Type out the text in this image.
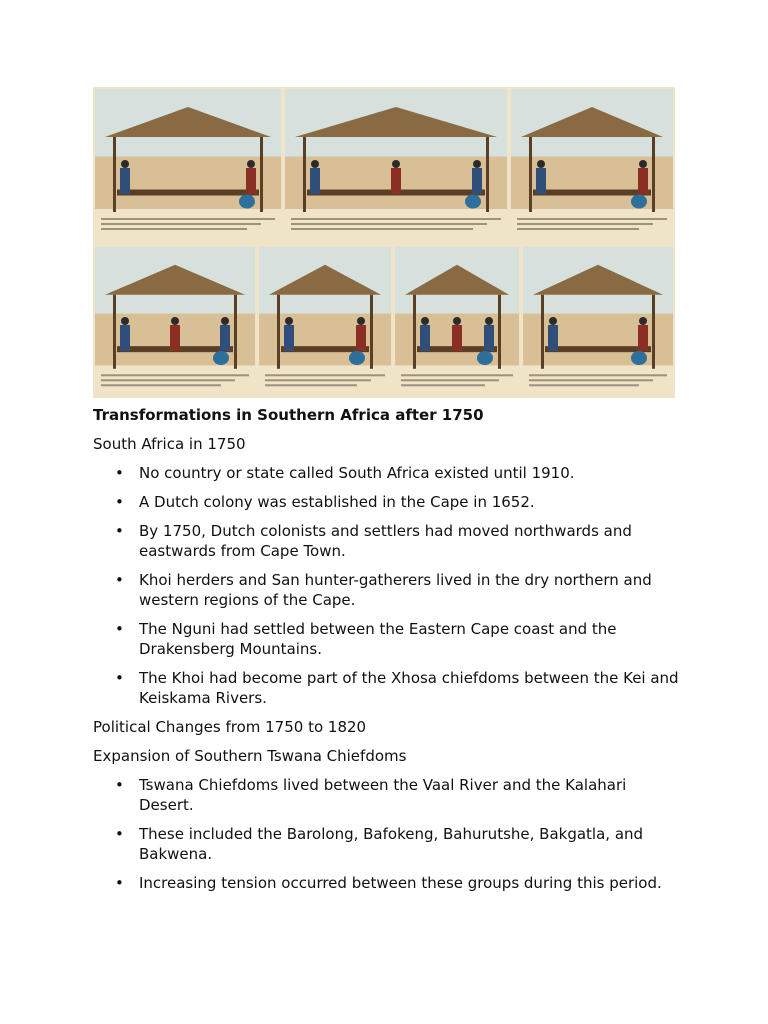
Transformations in Southern Africa after 1750
South Africa in 1750
• No country or state called South Africa existed until 1910.
• A Dutch colony was established in the Cape in 1652.
• By 1750, Dutch colonists and settlers had moved northwards and eastwards from Cape Town.
• Khoi herders and San hunter-gatherers lived in the dry northern and western regions of the Cape.
• The Nguni had settled between the Eastern Cape coast and the Drakensberg Mountains.
• The Khoi had become part of the Xhosa chiefdoms between the Kei and Keiskama Rivers.
Political Changes from 1750 to 1820
Expansion of Southern Tswana Chiefdoms
• Tswana Chiefdoms lived between the Vaal River and the Kalahari Desert.
• These included the Barolong, Bafokeng, Bahurutshe, Bakgatla, and Bakwena.
• Increasing tension occurred between these groups during this period.
